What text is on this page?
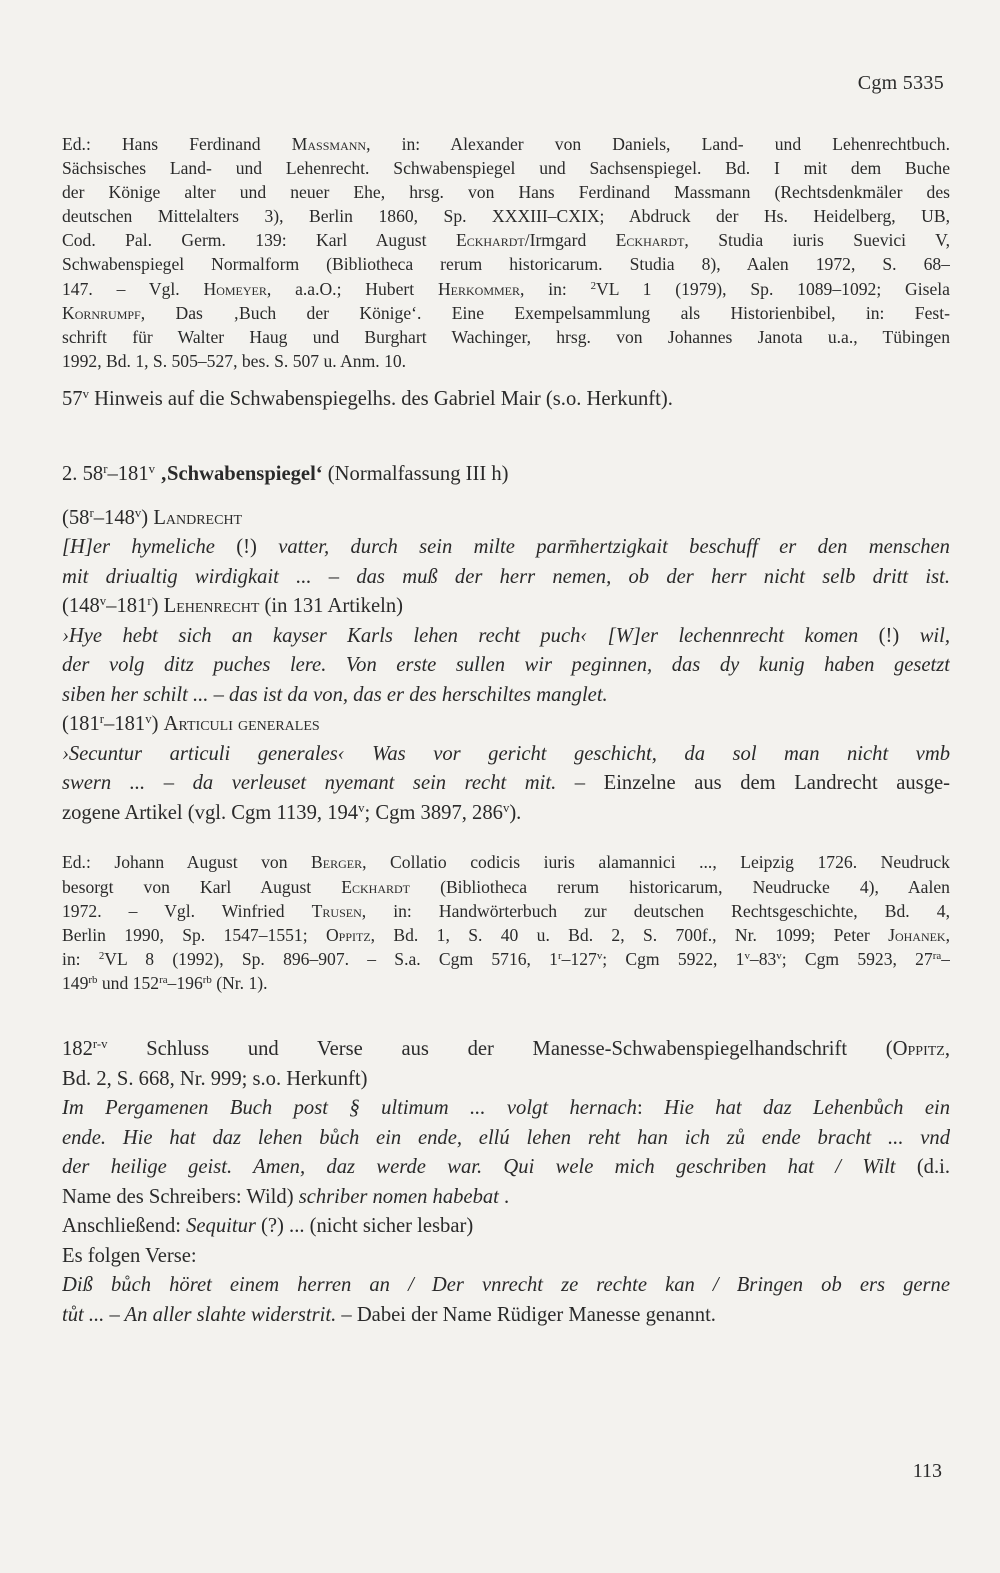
Cgm 5335
Ed.: Hans Ferdinand Massmann, in: Alexander von Daniels, Land- und Lehenrechtbuch.
Sächsisches Land- und Lehenrecht. Schwabenspiegel und Sachsenspiegel. Bd. I mit dem Buche
der Könige alter und neuer Ehe, hrsg. von Hans Ferdinand Massmann (Rechtsdenkmäler des
deutschen Mittelalters 3), Berlin 1860, Sp. XXXIII–CXIX; Abdruck der Hs. Heidelberg, UB,
Cod. Pal. Germ. 139: Karl August Eckhardt/Irmgard Eckhardt, Studia iuris Suevici V,
Schwabenspiegel Normalform (Bibliotheca rerum historicarum. Studia 8), Aalen 1972, S. 68–
147. – Vgl. Homeyer, a.a.O.; Hubert Herkommer, in: $^2$VL 1 (1979), Sp. 1089–1092; Gisela
Kornrumpf, Das ‚Buch der Könige‘. Eine Exempelsammlung als Historienbibel, in: Fest-
schrift für Walter Haug und Burghart Wachinger, hrsg. von Johannes Janota u.a., Tübingen
1992, Bd. 1, S. 505–527, bes. S. 507 u. Anm. 10.
57$^v$ Hinweis auf die Schwabenspiegelhs. des Gabriel Mair (s.o. Herkunft).
2. 58$^r$–181$^v$ ‚Schwabenspiegel‘ (Normalfassung III h)
(58$^r$–148$^v$) Landrecht
[H]er hymeliche (!) vatter, durch sein milte parm̄hertzigkait beschuff er den menschen
mit driualtig wirdigkait ... – das muß der herr nemen, ob der herr nicht selb dritt ist.
(148$^v$–181$^r$) Lehenrecht (in 131 Artikeln)
›Hye hebt sich an kayser Karls lehen recht puch‹ [W]er lechennrecht komen (!) wil,
der volg ditz puches lere. Von erste sullen wir peginnen, das dy kunig haben gesetzt
siben her schilt ... – das ist da von, das er des herschiltes manglet.
(181$^r$–181$^v$) Articuli generales
›Secuntur articuli generales‹ Was vor gericht geschicht, da sol man nicht vmb
swern ... – da verleuset nyemant sein recht mit. – Einzelne aus dem Landrecht ausge-
zogene Artikel (vgl. Cgm 1139, 194$^v$; Cgm 3897, 286$^v$).
Ed.: Johann August von Berger, Collatio codicis iuris alamannici ..., Leipzig 1726. Neudruck
besorgt von Karl August Eckhardt (Bibliotheca rerum historicarum, Neudrucke 4), Aalen
1972. – Vgl. Winfried Trusen, in: Handwörterbuch zur deutschen Rechtsgeschichte, Bd. 4,
Berlin 1990, Sp. 1547–1551; Oppitz, Bd. 1, S. 40 u. Bd. 2, S. 700f., Nr. 1099; Peter Johanek,
in: $^2$VL 8 (1992), Sp. 896–907. – S.a. Cgm 5716, 1$^r$–127$^v$; Cgm 5922, 1$^v$–83$^v$; Cgm 5923, $27^{ra}-$
$149^{rb}$ und $152^{ra}-196^{rb}$ (Nr. 1).
182$^{r-v}$ Schluss und Verse aus der Manesse-Schwabenspiegelhandschrift (Oppitz,
Bd. 2, S. 668, Nr. 999; s.o. Herkunft)
Im Pergamenen Buch post § ultimum ... volgt hernach: Hie hat daz Lehenbůch ein
ende. Hie hat daz lehen bůch ein ende, ellú lehen reht han ich zů ende bracht ... vnd
der heilige geist. Amen, daz werde war. Qui wele mich geschriben hat / Wilt (d.i.
Name des Schreibers: Wild) schriber nomen habebat .
Anschließend: Sequitur (?) ... (nicht sicher lesbar)
Es folgen Verse:
Diß bůch höret einem herren an / Der vnrecht ze rechte kan / Bringen ob ers gerne
tůt ... – An aller slahte widerstrit. – Dabei der Name Rüdiger Manesse genannt.
113
